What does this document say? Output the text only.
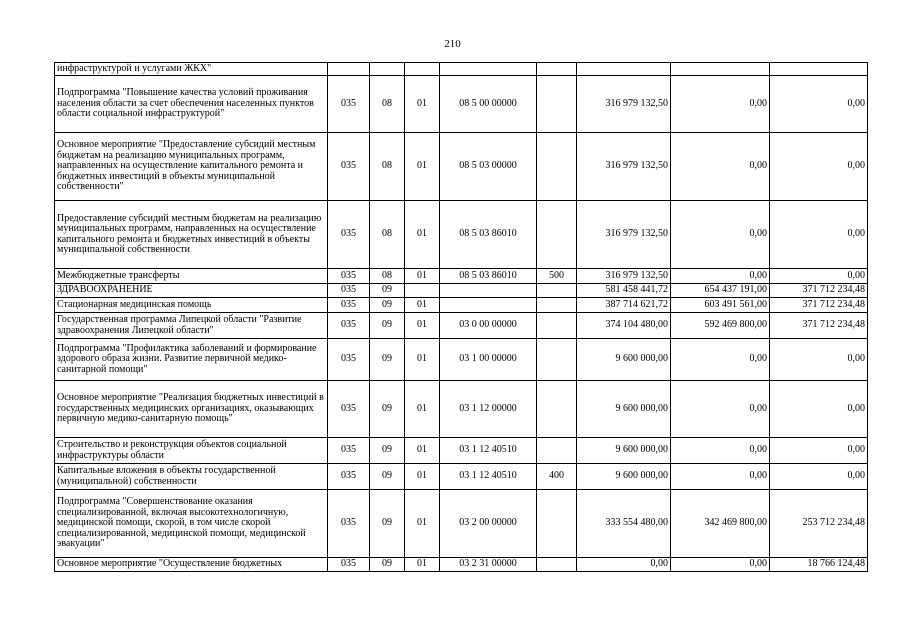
210
инфраструктурой и услугами ЖКХ"								
Подпрограмма "Повышение качества условий проживания населения области за счет обеспечения населенных пунктов области социальной инфраструктурой"	035	08	01	08 5 00 00000		316 979 132,50	0,00	0,00
Основное мероприятие "Предоставление субсидий местным бюджетам на реализацию муниципальных программ, направленных на осуществление капитального ремонта и бюджетных инвестиций в объекты муниципальной собственности"	035	08	01	08 5 03 00000		316 979 132,50	0,00	0,00
Предоставление субсидий местным бюджетам на реализацию муниципальных программ, направленных на осуществление капитального ремонта и бюджетных инвестиций в объекты муниципальной собственности	035	08	01	08 5 03 86010		316 979 132,50	0,00	0,00
Межбюджетные трансферты	035	08	01	08 5 03 86010	500	316 979 132,50	0,00	0,00
ЗДРАВООХРАНЕНИЕ	035	09				581 458 441,72	654 437 191,00	371 712 234,48
Стационарная медицинская помощь	035	09	01			387 714 621,72	603 491 561,00	371 712 234,48
Государственная программа Липецкой области "Развитие здравоохранения Липецкой области"	035	09	01	03 0 00 00000		374 104 480,00	592 469 800,00	371 712 234,48
Подпрограмма "Профилактика заболеваний и формирование здорового образа жизни. Развитие первичной медико-санитарной помощи"	035	09	01	03 1 00 00000		9 600 000,00	0,00	0,00
Основное мероприятие "Реализация бюджетных инвестиций в государственных медицинских организациях, оказывающих первичную медико-санитарную помощь"	035	09	01	03 1 12 00000		9 600 000,00	0,00	0,00
Строительство и реконструкция объектов социальной инфраструктуры области	035	09	01	03 1 12 40510		9 600 000,00	0,00	0,00
Капитальные вложения в объекты государственной (муниципальной) собственности	035	09	01	03 1 12 40510	400	9 600 000,00	0,00	0,00
Подпрограмма "Совершенствование оказания специализированной, включая высокотехнологичную, медицинской помощи, скорой, в том числе скорой специализированной, медицинской помощи, медицинской эвакуации"	035	09	01	03 2 00 00000		333 554 480,00	342 469 800,00	253 712 234,48
Основное мероприятие "Осуществление бюджетных	035	09	01	03 2 31 00000		0,00	0,00	18 766 124,48
